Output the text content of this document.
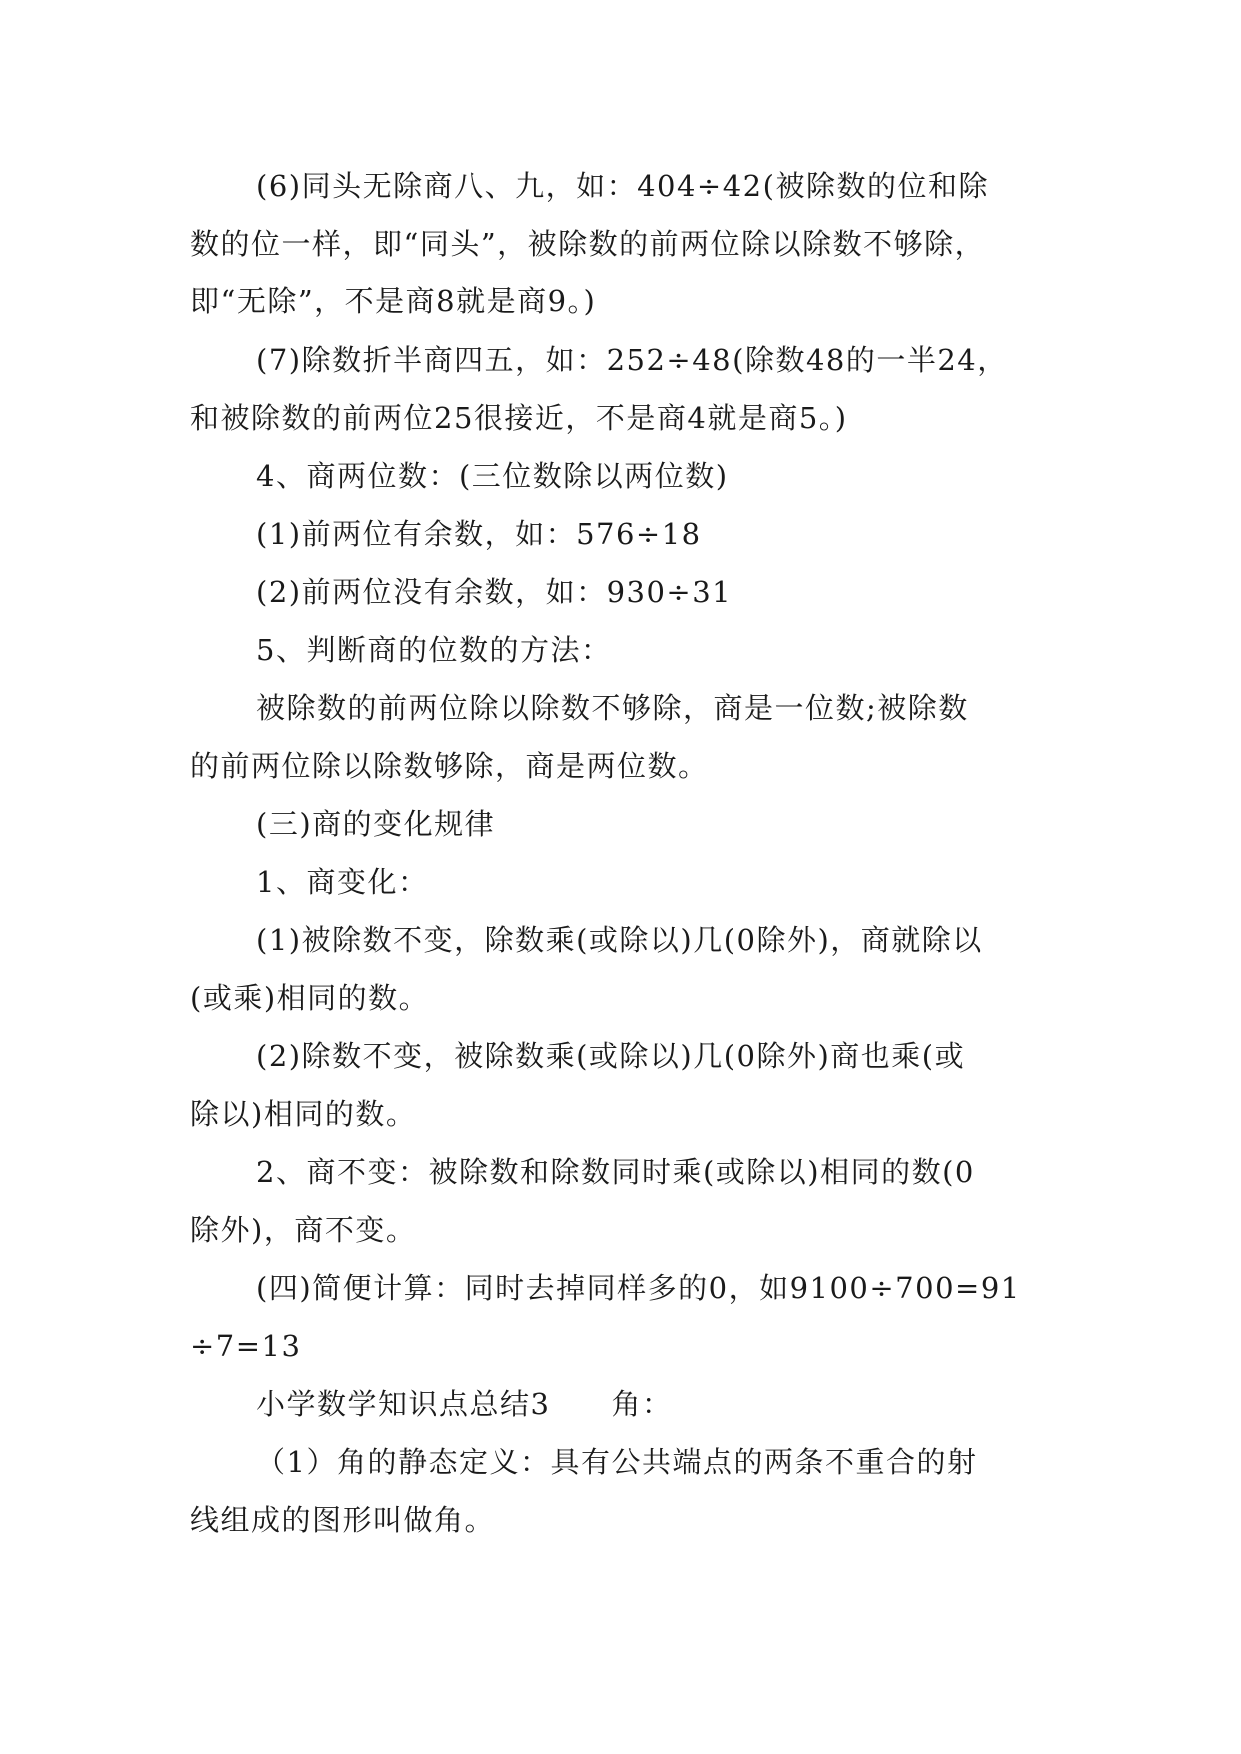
(6)同头无除商八、九，如：404÷42(被除数的位和除
数的位一样，即“同头”，被除数的前两位除以除数不够除，
即“无除”，不是商8就是商9。)
(7)除数折半商四五，如：252÷48(除数48的一半24，
和被除数的前两位25很接近，不是商4就是商5。)
4、商两位数：(三位数除以两位数)
(1)前两位有余数，如：576÷18
(2)前两位没有余数，如：930÷31
5、判断商的位数的方法：
被除数的前两位除以除数不够除，商是一位数;被除数
的前两位除以除数够除，商是两位数。
(三)商的变化规律
1、商变化：
(1)被除数不变，除数乘(或除以)几(0除外)，商就除以
(或乘)相同的数。
(2)除数不变，被除数乘(或除以)几(0除外)商也乘(或
除以)相同的数。
2、商不变：被除数和除数同时乘(或除以)相同的数(0
除外)，商不变。
(四)简便计算：同时去掉同样多的0，如9100÷700=91
÷7=13
小学数学知识点总结3　　角：
（1）角的静态定义：具有公共端点的两条不重合的射
线组成的图形叫做角。
